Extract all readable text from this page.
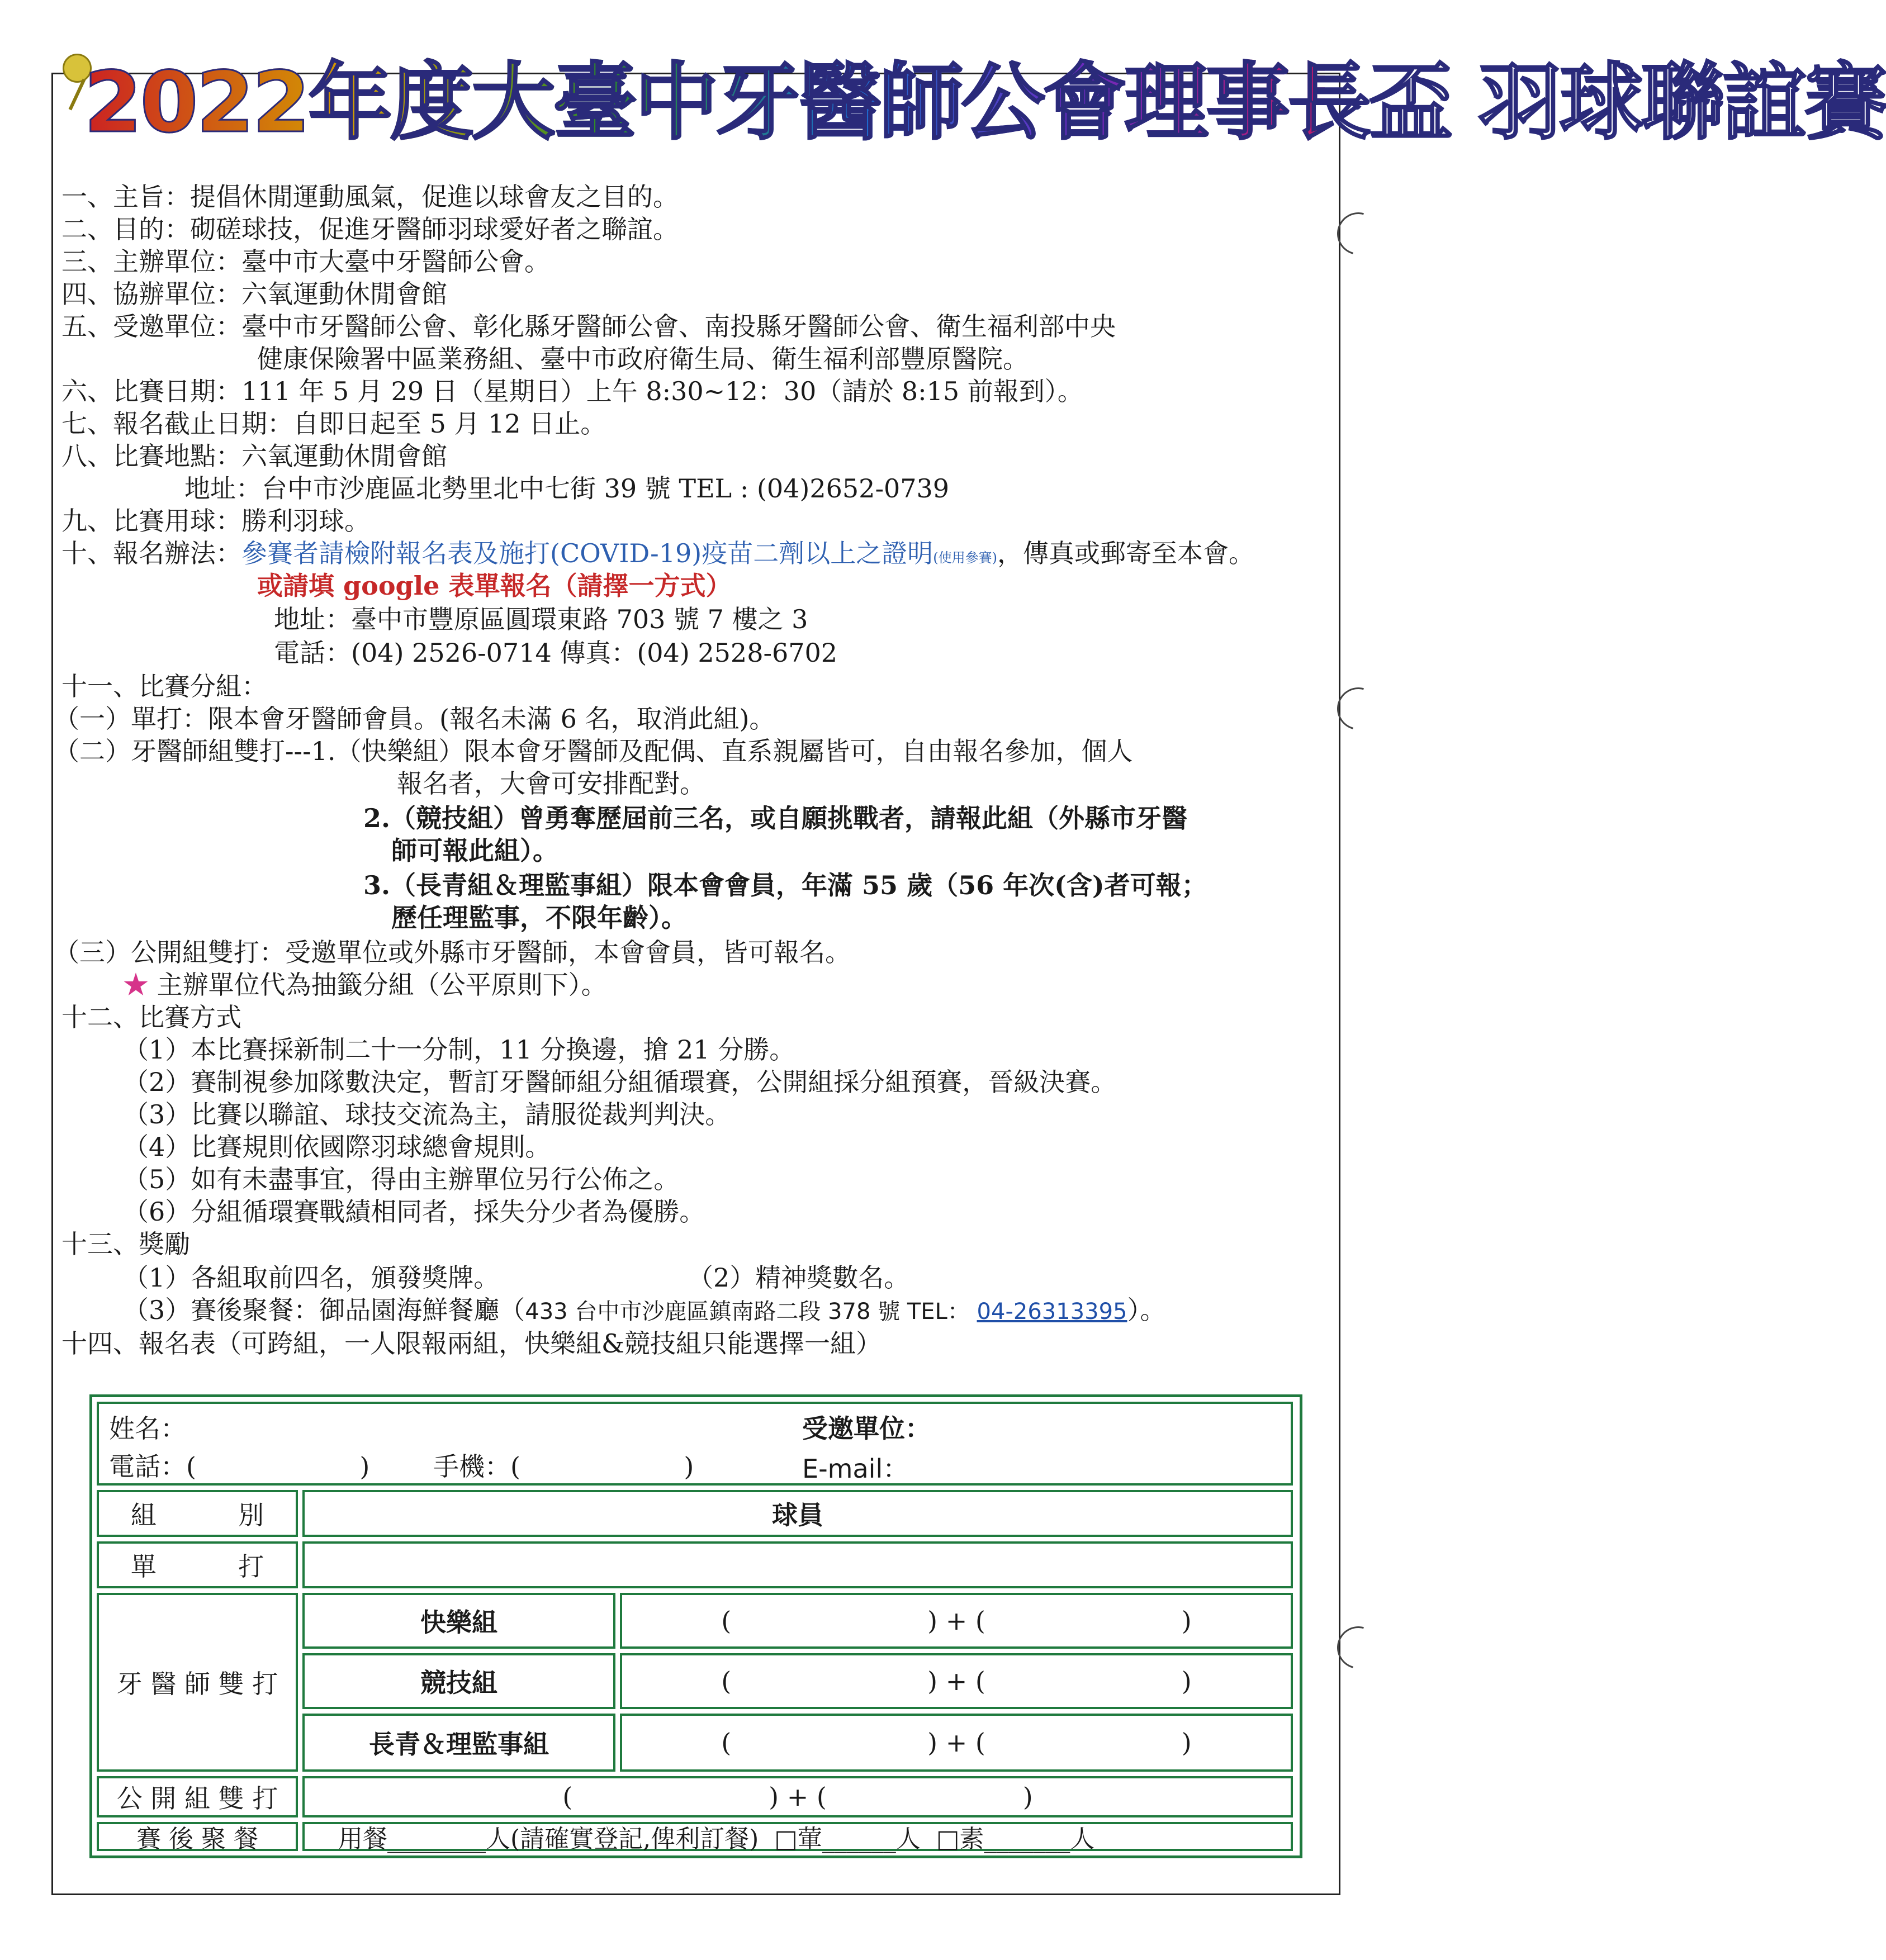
2022年度大臺中牙醫師公會理事長盃 羽球聯誼賽
一、主旨：提倡休閒運動風氣，促進以球會友之目的。
二、目的：砌磋球技，促進牙醫師羽球愛好者之聯誼。
三、主辦單位：臺中市大臺中牙醫師公會。
四、協辦單位：六氧運動休閒會館
五、受邀單位：臺中市牙醫師公會、彰化縣牙醫師公會、南投縣牙醫師公會、衛生福利部中央
健康保險署中區業務組、臺中市政府衛生局、衛生福利部豐原醫院。
六、比賽日期：111 年 5 月 29 日（星期日）上午 8:30~12：30（請於 8:15 前報到）。
七、報名截止日期：自即日起至 5 月 12 日止。
八、比賽地點：六氧運動休閒會館
地址：台中市沙鹿區北勢里北中七街 39 號 TEL : (04)2652-0739
九、比賽用球：勝利羽球。
十、報名辦法：參賽者請檢附報名表及施打(COVID-19)疫苗二劑以上之證明(使用參賽)，傳真或郵寄至本會。
或請填 google 表單報名（請擇一方式）
地址：臺中市豐原區圓環東路 703 號 7 樓之 3
電話：(04) 2526-0714 傳真：(04) 2528-6702
十一、比賽分組：
（一）單打：限本會牙醫師會員。(報名未滿 6 名，取消此組)。
（二）牙醫師組雙打---1.（快樂組）限本會牙醫師及配偶、直系親屬皆可，自由報名參加，個人
報名者，大會可安排配對。
2.（競技組）曾勇奪歷屆前三名，或自願挑戰者，請報此組（外縣市牙醫
師可報此組）。
3.（長青組＆理監事組）限本會會員，年滿 55 歲（56 年次(含)者可報；
歷任理監事，不限年齡）。
（三）公開組雙打：受邀單位或外縣市牙醫師，本會會員，皆可報名。
★ 主辦單位代為抽籤分組（公平原則下）。
十二、比賽方式
（1）本比賽採新制二十一分制，11 分換邊，搶 21 分勝。
（2）賽制視參加隊數決定，暫訂牙醫師組分組循環賽，公開組採分組預賽，晉級決賽。
（3）比賽以聯誼、球技交流為主，請服從裁判判決。
（4）比賽規則依國際羽球總會規則。
（5）如有未盡事宜，得由主辦單位另行公佈之。
（6）分組循環賽戰績相同者，採失分少者為優勝。
十三、獎勵
（1）各組取前四名，頒發獎牌。	（2）精神獎數名。
（3）賽後聚餐：御品園海鮮餐廳（433 台中市沙鹿區鎮南路二段 378 號 TEL： 04-26313395）。
十四、報名表（可跨組，一人限報兩組，快樂組&競技組只能選擇一組）
姓名：	受邀單位：
電話：(                    ) 手機：(                    )	E-mail：
組          別	球員
單          打
牙 醫 師 雙 打
快樂組	(                        ) + (                        )
競技組	(                        ) + (                        )
長青＆理監事組	(                        ) + (                        )
公 開 組 雙 打	(                        ) + (                        )
賽 後 聚 餐	用餐________人(請確實登記,俾利訂餐)  □葷______人  □素_______人
